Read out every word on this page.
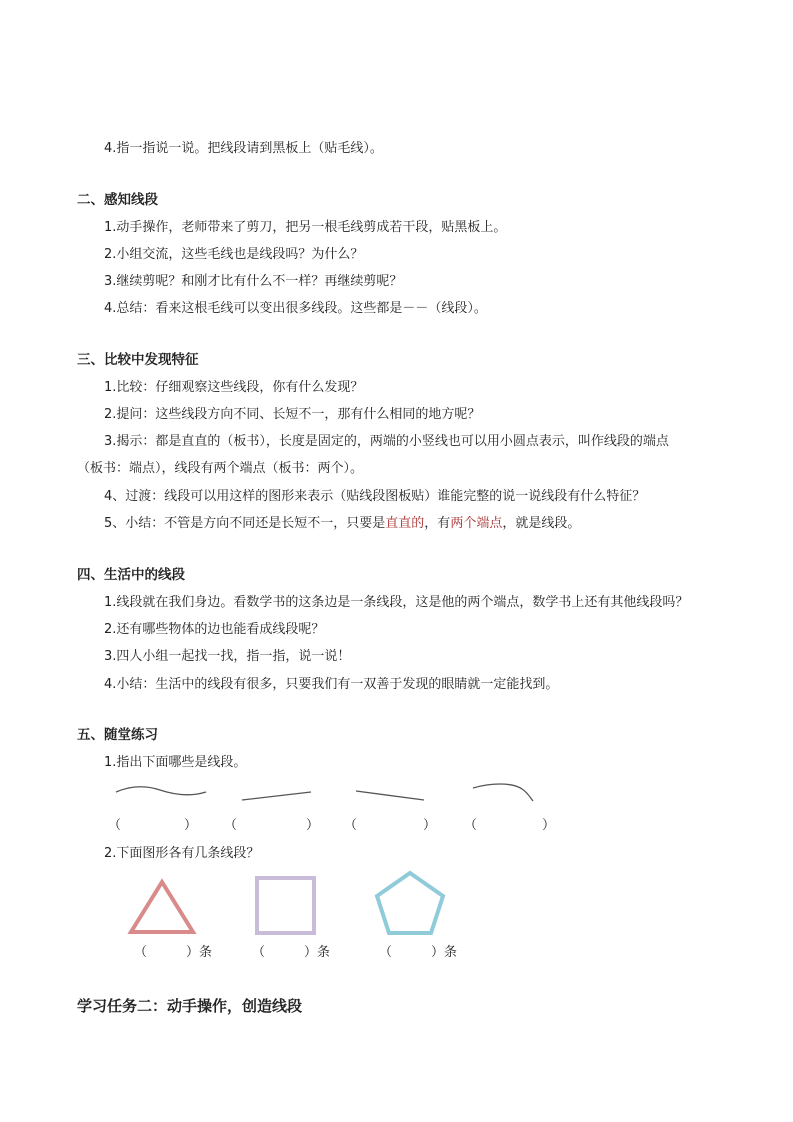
4.指一指说一说。把线段请到黑板上（贴毛线）。
二、感知线段
1.动手操作，老师带来了剪刀，把另一根毛线剪成若干段，贴黑板上。
2.小组交流，这些毛线也是线段吗？为什么？
3.继续剪呢？和刚才比有什么不一样？再继续剪呢？
4.总结：看来这根毛线可以变出很多线段。这些都是－－（线段）。
三、比较中发现特征
1.比较：仔细观察这些线段，你有什么发现？
2.提问：这些线段方向不同、长短不一，那有什么相同的地方呢？
3.揭示：都是直直的（板书），长度是固定的，两端的小竖线也可以用小圆点表示，叫作线段的端点
（板书：端点），线段有两个端点（板书：两个）。
4、过渡：线段可以用这样的图形来表示（贴线段图板贴）谁能完整的说一说线段有什么特征？
5、小结：不管是方向不同还是长短不一，只要是直直的，有两个端点，就是线段。
四、生活中的线段
1.线段就在我们身边。看数学书的这条边是一条线段，这是他的两个端点，数学书上还有其他线段吗？
2.还有哪些物体的边也能看成线段呢？
3.四人小组一起找一找，指一指，说一说！
4.小结：生活中的线段有很多，只要我们有一双善于发现的眼睛就一定能找到。
五、随堂练习
1.指出下面哪些是线段。
（	） （	） （	） （	）
2.下面图形各有几条线段？
（　　　）条	（　　　）条	（　　　）条
学习任务二：动手操作，创造线段
